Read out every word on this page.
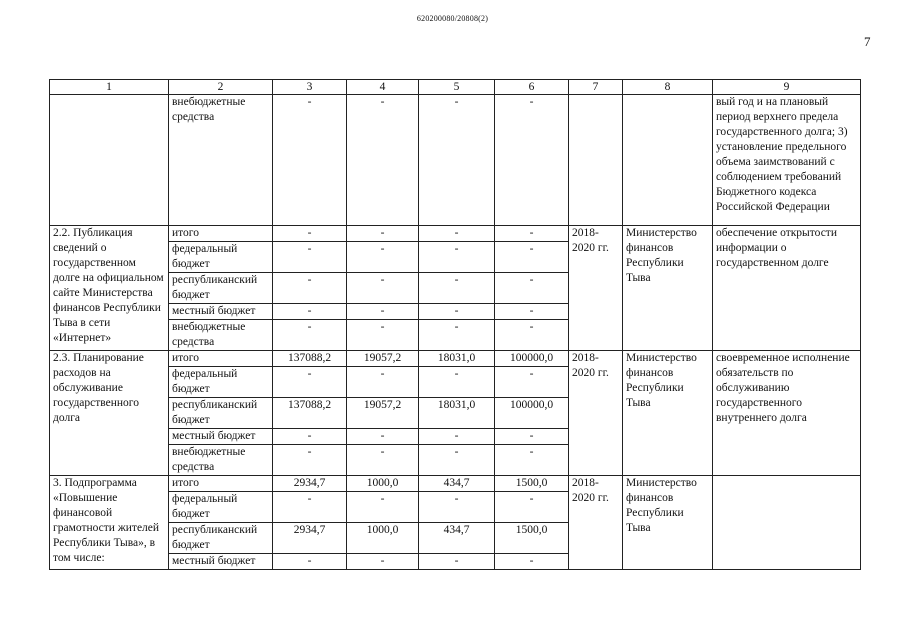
620200080/20808(2)
7
1	2	3	4	5	6	7	8	9
	внебюджетные средства	-	-	-	-			вый год и на плановый период верхнего предела государственного долга; 3) установление предельного объема заимствований с соблюдением требований Бюджетного кодекса Российской Федерации
2.2. Публикация сведений о государственном долге на официальном сайте Министерства финансов Республики Тыва в сети «Интернет»	итого	-	-	-	-	2018-2020 гг.	Министерство финансов Республики Тыва	обеспечение открытости информации о государственном долге
	федеральный бюджет	-	-	-	-			
	республиканский бюджет	-	-	-	-			
	местный бюджет	-	-	-	-			
	внебюджетные средства	-	-	-	-			
2.3. Планирование расходов на обслуживание государственного долга	итого	137088,2	19057,2	18031,0	100000,0	2018-2020 гг.	Министерство финансов Республики Тыва	своевременное исполнение обязательств по обслуживанию государственного внутреннего долга
	федеральный бюджет	-	-	-	-			
	республиканский бюджет	137088,2	19057,2	18031,0	100000,0			
	местный бюджет	-	-	-	-			
	внебюджетные средства	-	-	-	-			
3. Подпрограмма «Повышение финансовой грамотности жителей Республики Тыва», в том числе:	итого	2934,7	1000,0	434,7	1500,0	2018-2020 гг.	Министерство финансов Республики Тыва	
	федеральный бюджет	-	-	-	-			
	республиканский бюджет	2934,7	1000,0	434,7	1500,0			
	местный бюджет	-	-	-	-			
